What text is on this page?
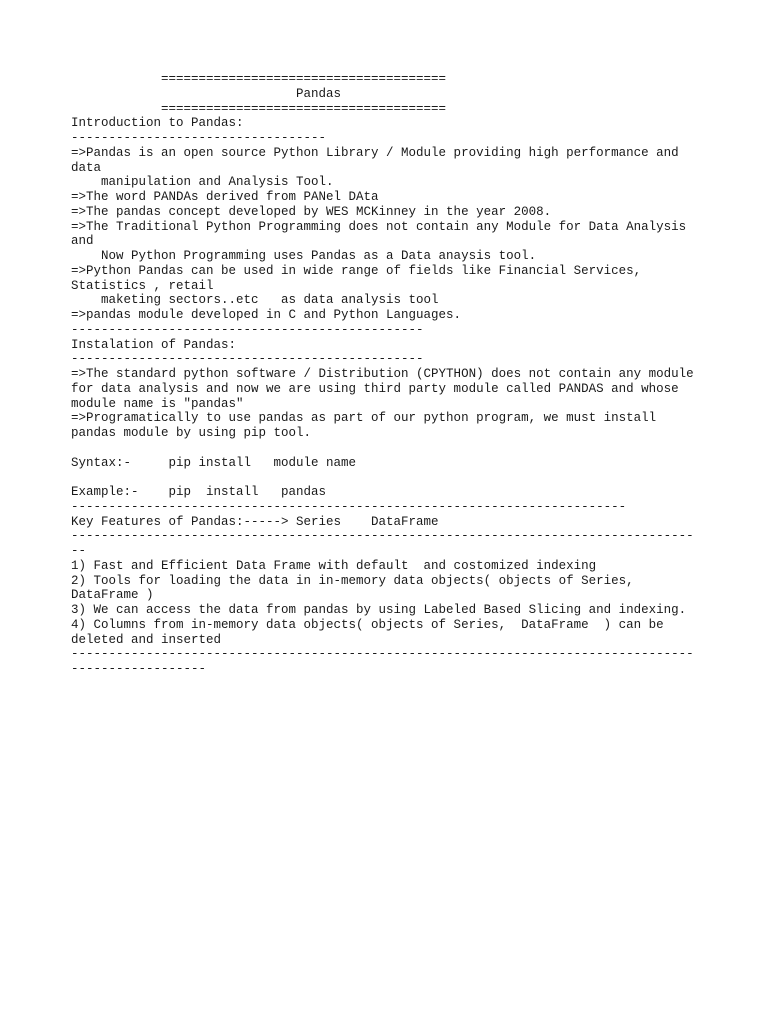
======================================
Pandas
======================================
Introduction to Pandas:
----------------------------------
=>Pandas is an open source Python Library / Module providing high performance and
data
manipulation and Analysis Tool.
=>The word PANDAs derived from PANel DAta
=>The pandas concept developed by WES MCKinney in the year 2008.
=>The Traditional Python Programming does not contain any Module for Data Analysis
and
Now Python Programming uses Pandas as a Data anaysis tool.
=>Python Pandas can be used in wide range of fields like Financial Services,
Statistics , retail
maketing sectors..etc   as data analysis tool
=>pandas module developed in C and Python Languages.
-----------------------------------------------
Instalation of Pandas:
-----------------------------------------------
=>The standard python software / Distribution (CPYTHON) does not contain any module
for data analysis and now we are using third party module called PANDAS and whose
module name is "pandas"
=>Programatically to use pandas as part of our python program, we must install
pandas module by using pip tool.
Syntax:-     pip install   module name
Example:-    pip  install   pandas
--------------------------------------------------------------------------
Key Features of Pandas:-----> Series    DataFrame
-----------------------------------------------------------------------------------
--
1) Fast and Efficient Data Frame with default  and costomized indexing
2) Tools for loading the data in in-memory data objects( objects of Series,
DataFrame )
3) We can access the data from pandas by using Labeled Based Slicing and indexing.
4) Columns from in-memory data objects( objects of Series,  DataFrame  ) can be
deleted and inserted
-----------------------------------------------------------------------------------
------------------
